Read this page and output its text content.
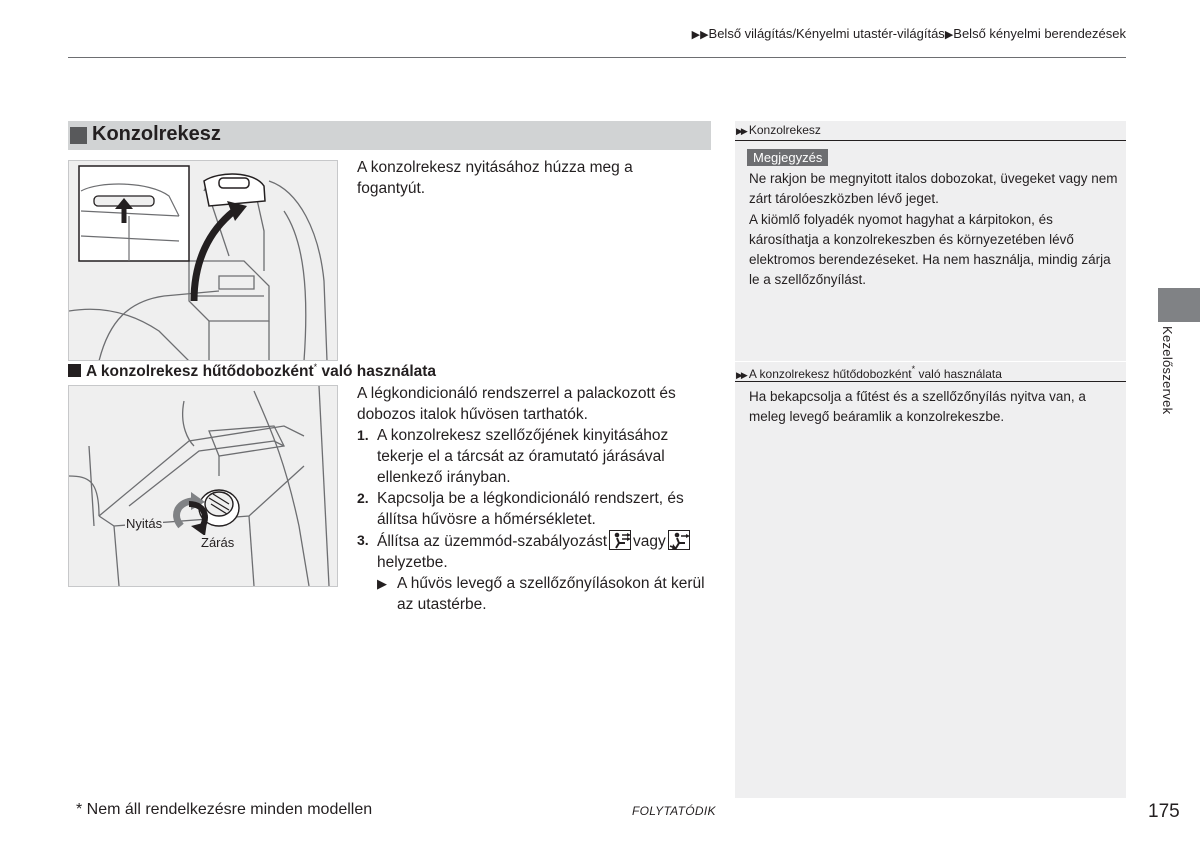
▶▶Belső világítás/Kényelmi utastér-világítás▶Belső kényelmi berendezések
Konzolrekesz
A konzolrekesz nyitásához húzza meg a fogantyút.
A konzolrekesz hűtődobozként* való használata
Nyitás
Zárás
A légkondicionáló rendszerrel a palackozott és dobozos italok hűvösen tarthatók.
1. A konzolrekesz szellőzőjének kinyitásához tekerje el a tárcsát az óramutató járásával ellenkező irányban.
2. Kapcsolja be a légkondicionáló rendszert, és állítsa hűvösre a hőmérsékletet.
3. Állítsa az üzemmód-szabályozást vagy
helyzetbe.
▶ A hűvös levegő a szellőzőnyílásokon át kerül az utastérbe.
▶▶ Konzolrekesz
Megjegyzés
Ne rakjon be megnyitott italos dobozokat, üvegeket vagy nem zárt tárolóeszközben lévő jeget.
A kiömlő folyadék nyomot hagyhat a kárpitokon, és károsíthatja a konzolrekeszben és környezetében lévő elektromos berendezéseket. Ha nem használja, mindig zárja le a szellőzőnyílást.
▶▶ A konzolrekesz hűtődobozként* való használata
Ha bekapcsolja a fűtést és a szellőzőnyílás nyitva van, a meleg levegő beáramlik a konzolrekeszbe.
Kezelőszervek
* Nem áll rendelkezésre minden modellen	FOLYTATÓDIK	175
